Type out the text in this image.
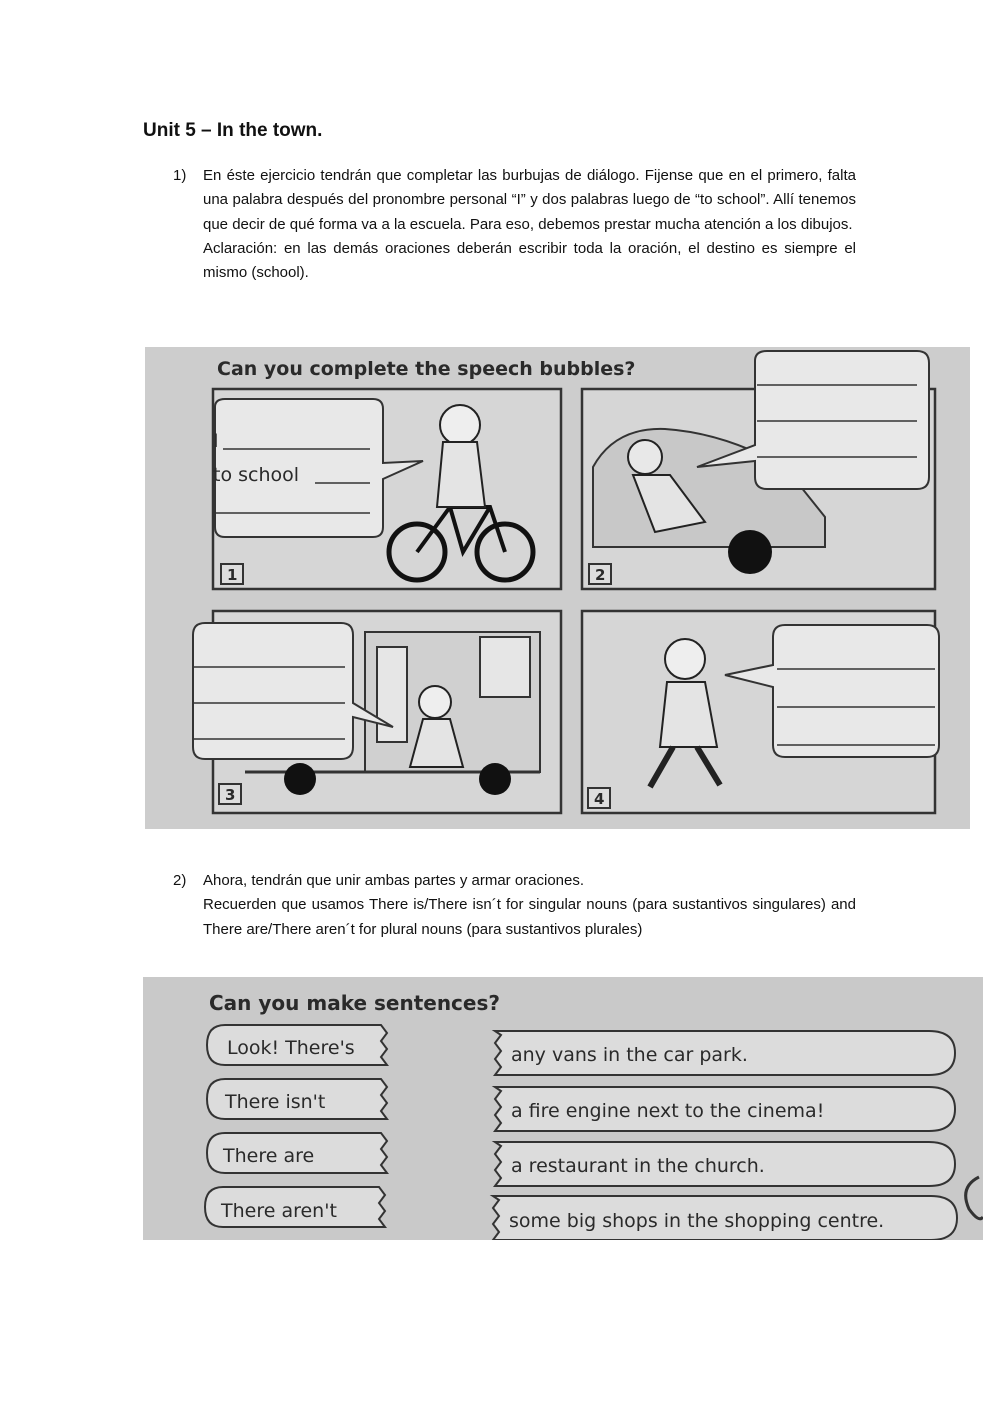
Unit 5 – In the town.
1) En éste ejercicio tendrán que completar las burbujas de diálogo. Fijense que en el primero, falta una palabra después del pronombre personal “I” y dos palabras luego de “to school”. Allí tenemos que decir de qué forma va a la escuela. Para eso, debemos prestar mucha atención a los dibujos.

Aclaración: en las demás oraciones deberán escribir toda la oración, el destino es siempre el mismo (school).

Can you complete the speech bubbles?
I
to school
1	2
3	4
2) Ahora, tendrán que unir ambas partes y armar oraciones.

Recuerden que usamos There is/There isn´t for singular nouns (para sustantivos singulares) and There are/There aren´t for plural nouns (para sustantivos plurales)

Can you make sentences?
Look! There's
There isn't
There are
There aren't
any vans in the car park.
a fire engine next to the cinema!
a restaurant in the church.
some big shops in the shopping centre.
